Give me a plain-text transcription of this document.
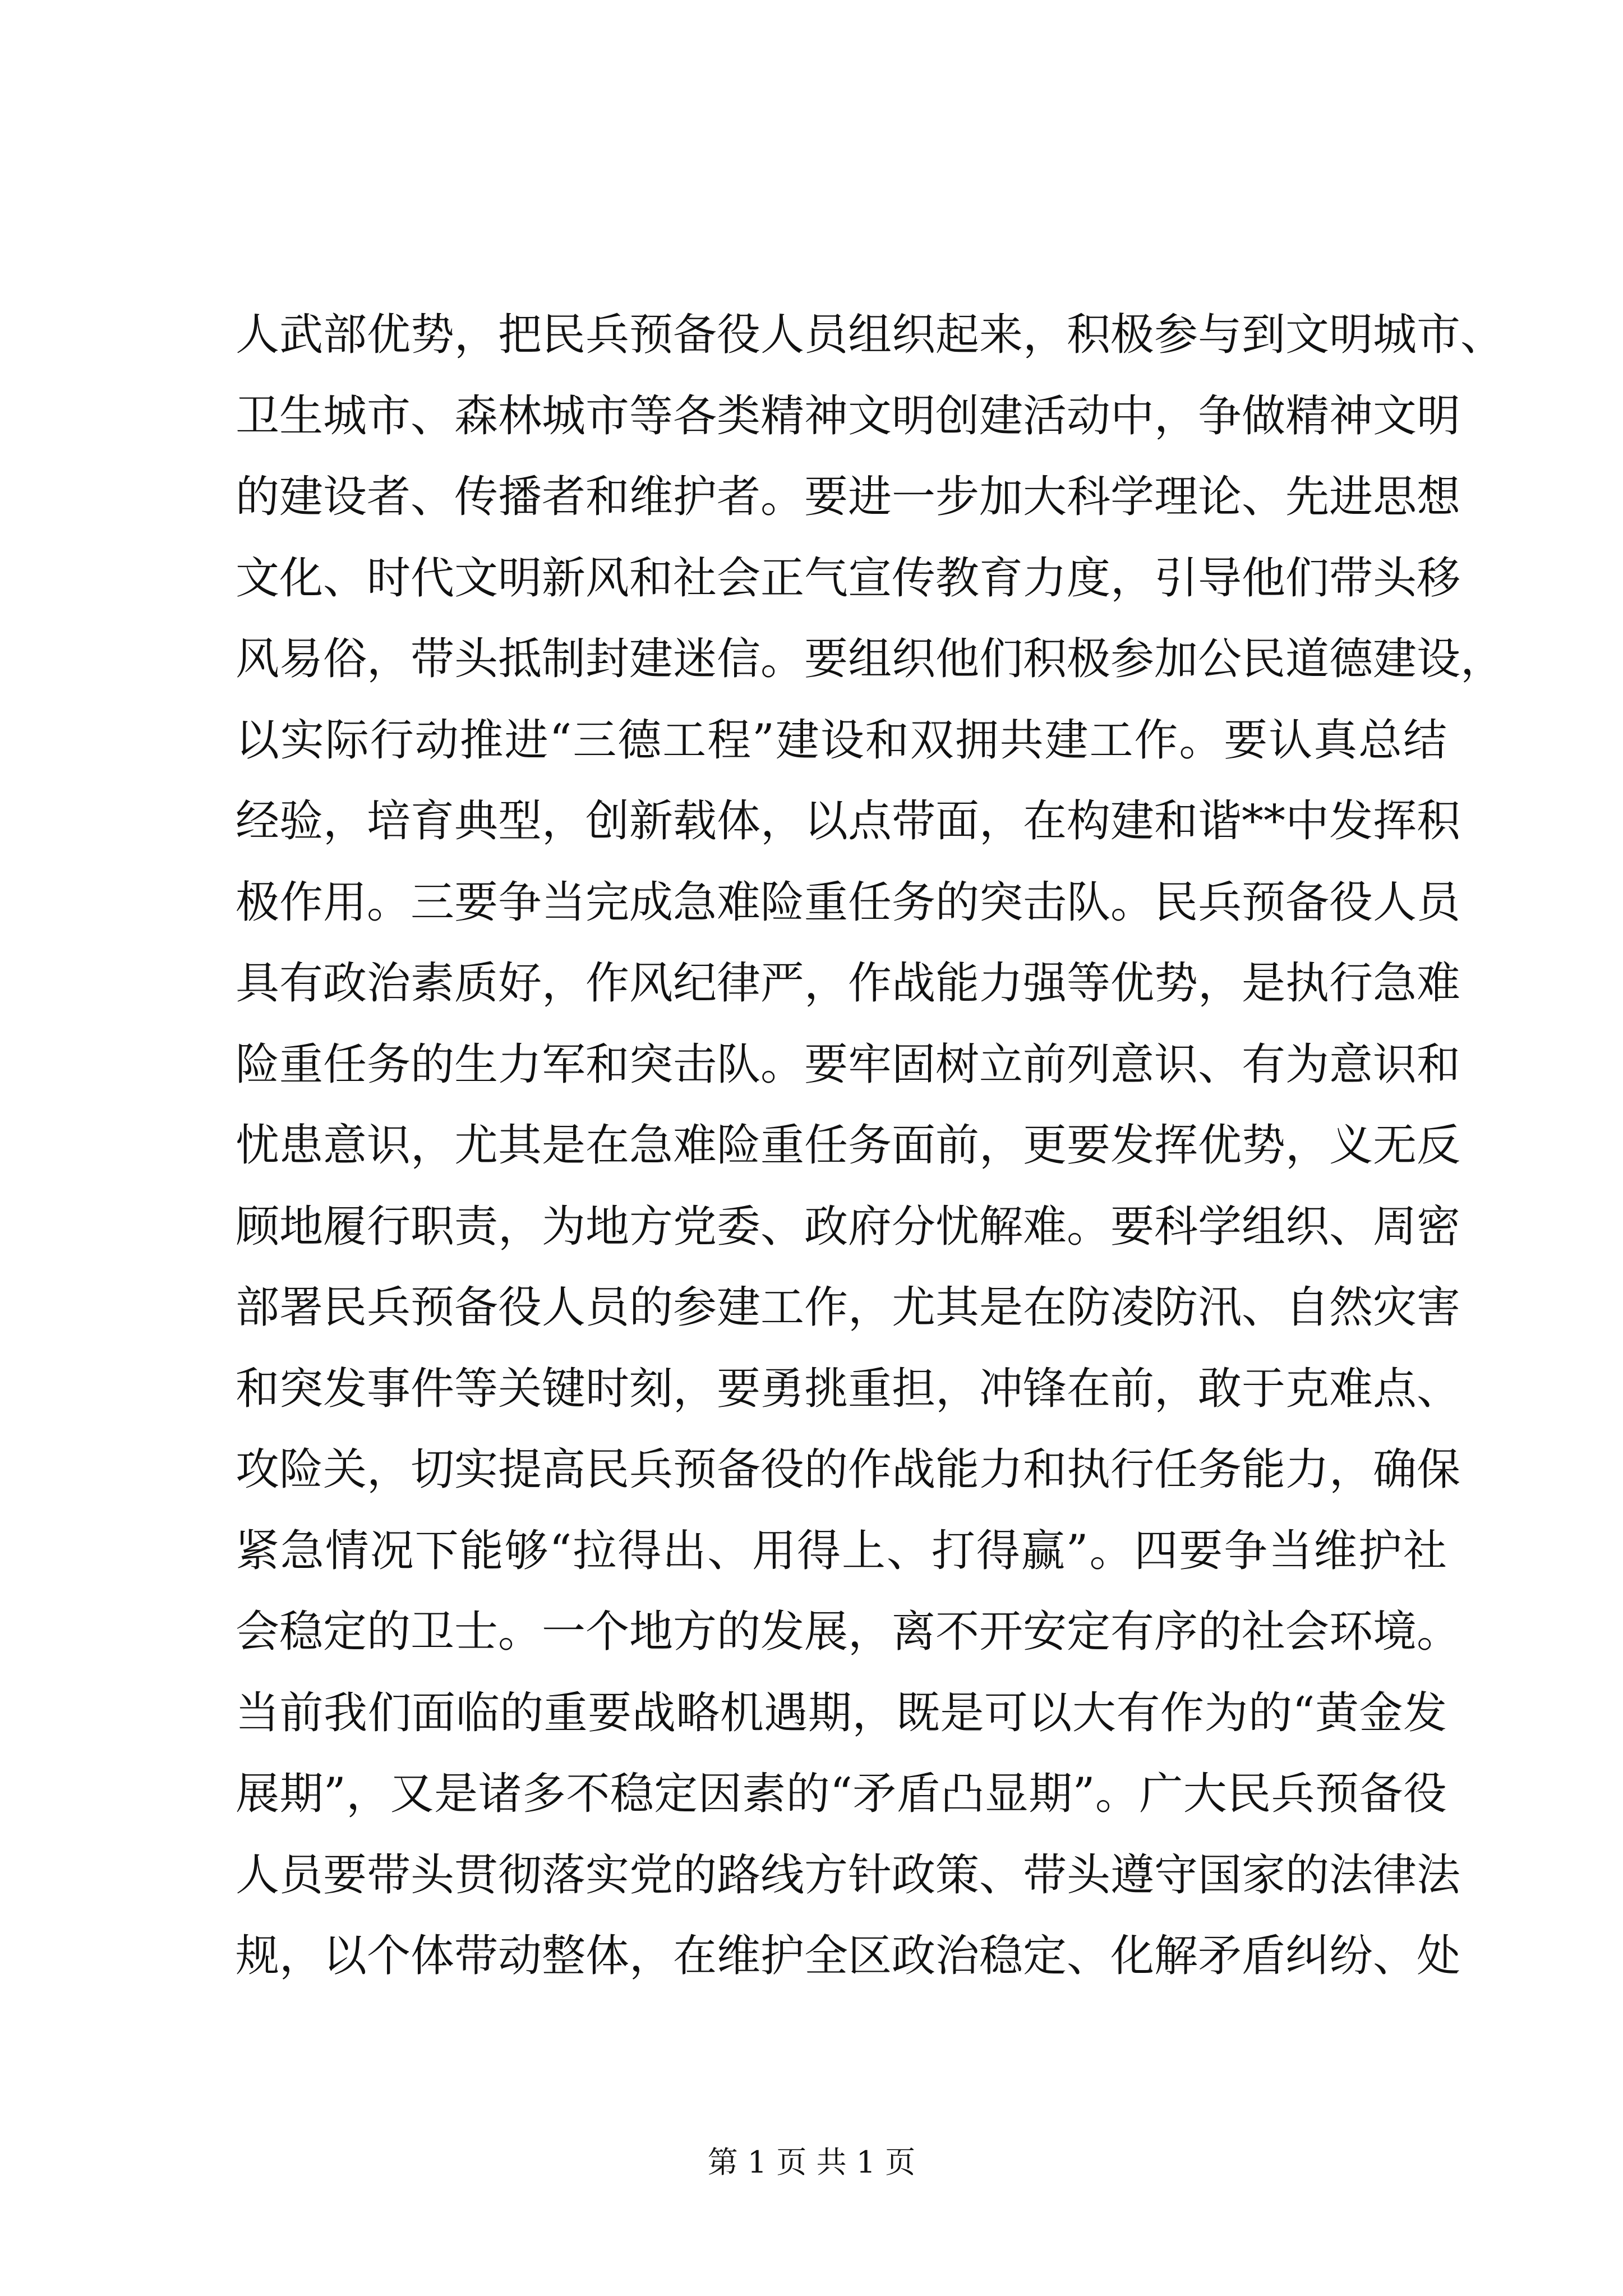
人武部优势，把民兵预备役人员组织起来，积极参与到文明城市、
卫生城市、森林城市等各类精神文明创建活动中，争做精神文明
的建设者、传播者和维护者。要进一步加大科学理论、先进思想
文化、时代文明新风和社会正气宣传教育力度，引导他们带头移
风易俗，带头抵制封建迷信。要组织他们积极参加公民道德建设，
以实际行动推进“三德工程”建设和双拥共建工作。要认真总结
经验，培育典型，创新载体，以点带面，在构建和谐**中发挥积
极作用。三要争当完成急难险重任务的突击队。民兵预备役人员
具有政治素质好，作风纪律严，作战能力强等优势，是执行急难
险重任务的生力军和突击队。要牢固树立前列意识、有为意识和
忧患意识，尤其是在急难险重任务面前，更要发挥优势，义无反
顾地履行职责，为地方党委、政府分忧解难。要科学组织、周密
部署民兵预备役人员的参建工作，尤其是在防凌防汛、自然灾害
和突发事件等关键时刻，要勇挑重担，冲锋在前，敢于克难点、
攻险关，切实提高民兵预备役的作战能力和执行任务能力，确保
紧急情况下能够“拉得出、用得上、打得赢”。四要争当维护社
会稳定的卫士。一个地方的发展，离不开安定有序的社会环境。
当前我们面临的重要战略机遇期，既是可以大有作为的“黄金发
展期”，又是诸多不稳定因素的“矛盾凸显期”。广大民兵预备役
人员要带头贯彻落实党的路线方针政策、带头遵守国家的法律法
规，以个体带动整体，在维护全区政治稳定、化解矛盾纠纷、处
第 1 页 共 1 页
